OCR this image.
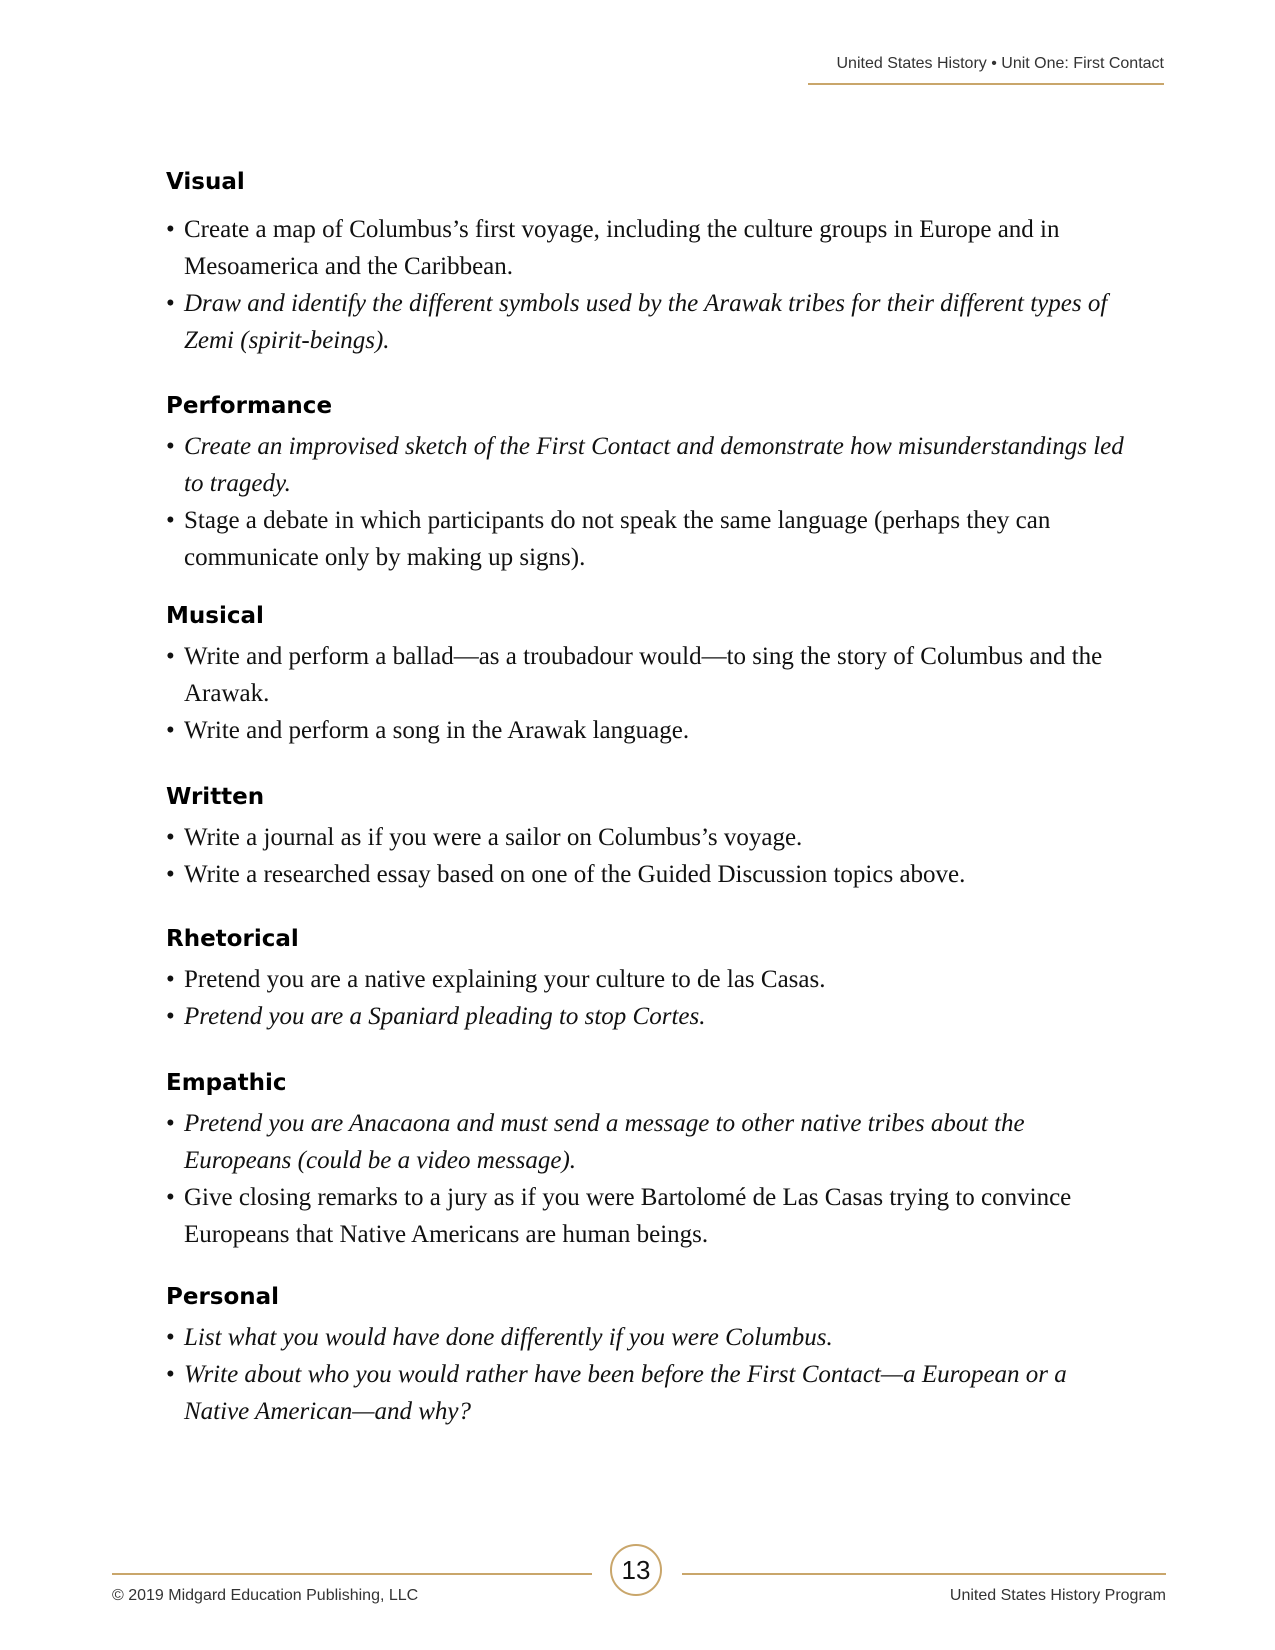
United States History • Unit One: First Contact
Visual
• Create a map of Columbus’s first voyage, including the culture groups in Europe and in Mesoamerica and the Caribbean.
• Draw and identify the different symbols used by the Arawak tribes for their different types of Zemi (spirit-beings).
Performance
• Create an improvised sketch of the First Contact and demonstrate how misunderstandings led to tragedy.
• Stage a debate in which participants do not speak the same language (perhaps they can communicate only by making up signs).
Musical
• Write and perform a ballad—as a troubadour would—to sing the story of Columbus and the Arawak.
• Write and perform a song in the Arawak language.
Written
• Write a journal as if you were a sailor on Columbus’s voyage.
• Write a researched essay based on one of the Guided Discussion topics above.
Rhetorical
• Pretend you are a native explaining your culture to de las Casas.
• Pretend you are a Spaniard pleading to stop Cortes.
Empathic
• Pretend you are Anacaona and must send a message to other native tribes about the Europeans (could be a video message).
• Give closing remarks to a jury as if you were Bartolomé de Las Casas trying to convince Europeans that Native Americans are human beings.
Personal
• List what you would have done differently if you were Columbus.
• Write about who you would rather have been before the First Contact—a European or a Native American—and why?
13
© 2019 Midgard Education Publishing, LLC	United States History Program
